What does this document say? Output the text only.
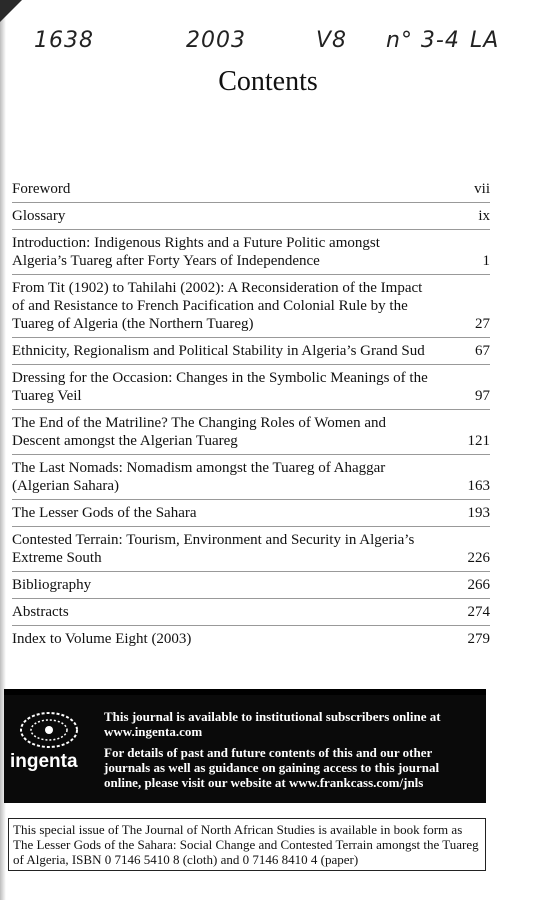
1638	2003	V8 n° 3-4 LA
Contents
Foreword	vii
Glossary	ix
Introduction: Indigenous Rights and a Future Politic amongst Algeria’s Tuareg after Forty Years of Independence	1
From Tit (1902) to Tahilahi (2002): A Reconsideration of the Impact of and Resistance to French Pacification and Colonial Rule by the Tuareg of Algeria (the Northern Tuareg)	27
Ethnicity, Regionalism and Political Stability in Algeria’s Grand Sud	67
Dressing for the Occasion: Changes in the Symbolic Meanings of the Tuareg Veil	97
The End of the Matriline? The Changing Roles of Women and Descent amongst the Algerian Tuareg	121
The Last Nomads: Nomadism amongst the Tuareg of Ahaggar (Algerian Sahara)	163
The Lesser Gods of the Sahara	193
Contested Terrain: Tourism, Environment and Security in Algeria’s Extreme South	226
Bibliography	266
Abstracts	274
Index to Volume Eight (2003)	279
ingenta
This journal is available to institutional subscribers online at www.ingenta.com
For details of past and future contents of this and our other journals as well as guidance on gaining access to this journal online, please visit our website at www.frankcass.com/jnls
This special issue of The Journal of North African Studies is available in book form as The Lesser Gods of the Sahara: Social Change and Contested Terrain amongst the Tuareg of Algeria, ISBN 0 7146 5410 8 (cloth) and 0 7146 8410 4 (paper)
